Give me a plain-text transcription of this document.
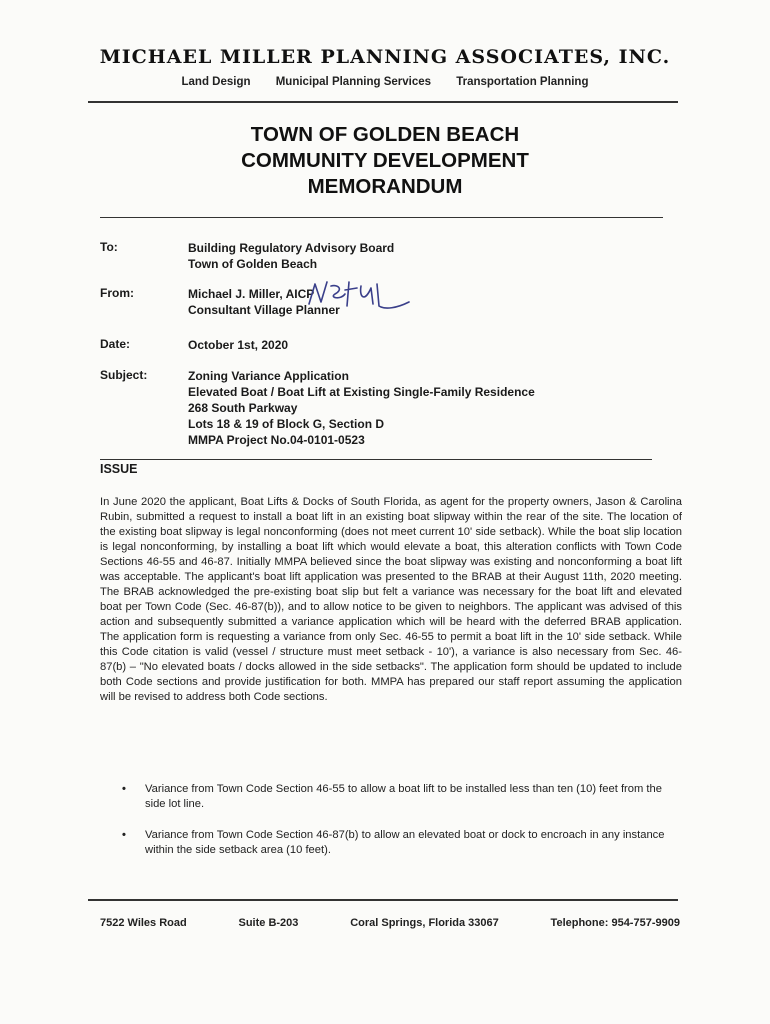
MICHAEL MILLER PLANNING ASSOCIATES, INC.
Land Design Municipal Planning Services Transportation Planning
TOWN OF GOLDEN BEACH
COMMUNITY DEVELOPMENT
MEMORANDUM
To:	Building Regulatory Advisory Board
Town of Golden Beach
From:	Michael J. Miller, AICP
Consultant Village Planner
Date:	October 1st, 2020
Subject:	Zoning Variance Application
Elevated Boat / Boat Lift at Existing Single-Family Residence
268 South Parkway
Lots 18 & 19 of Block G, Section D
MMPA Project No.04-0101-0523
ISSUE
In June 2020 the applicant, Boat Lifts & Docks of South Florida, as agent for the property owners, Jason & Carolina Rubin, submitted a request to install a boat lift in an existing boat slipway within the rear of the site. The location of the existing boat slipway is legal nonconforming (does not meet current 10' side setback). While the boat slip location is legal nonconforming, by installing a boat lift which would elevate a boat, this alteration conflicts with Town Code Sections 46-55 and 46-87. Initially MMPA believed since the boat slipway was existing and nonconforming a boat lift was acceptable. The applicant's boat lift application was presented to the BRAB at their August 11th, 2020 meeting. The BRAB acknowledged the pre-existing boat slip but felt a variance was necessary for the boat lift and elevated boat per Town Code (Sec. 46-87(b)), and to allow notice to be given to neighbors. The applicant was advised of this action and subsequently submitted a variance application which will be heard with the deferred BRAB application. The application form is requesting a variance from only Sec. 46-55 to permit a boat lift in the 10' side setback. While this Code citation is valid (vessel / structure must meet setback - 10'), a variance is also necessary from Sec. 46-87(b) – "No elevated boats / docks allowed in the side setbacks". The application form should be updated to include both Code sections and provide justification for both. MMPA has prepared our staff report assuming the application will be revised to address both Code sections.
• Variance from Town Code Section 46-55 to allow a boat lift to be installed less than ten (10) feet from the side lot line.
• Variance from Town Code Section 46-87(b) to allow an elevated boat or dock to encroach in any instance within the side setback area (10 feet).
7522 Wiles Road	Suite B-203	Coral Springs, Florida 33067	Telephone: 954-757-9909
